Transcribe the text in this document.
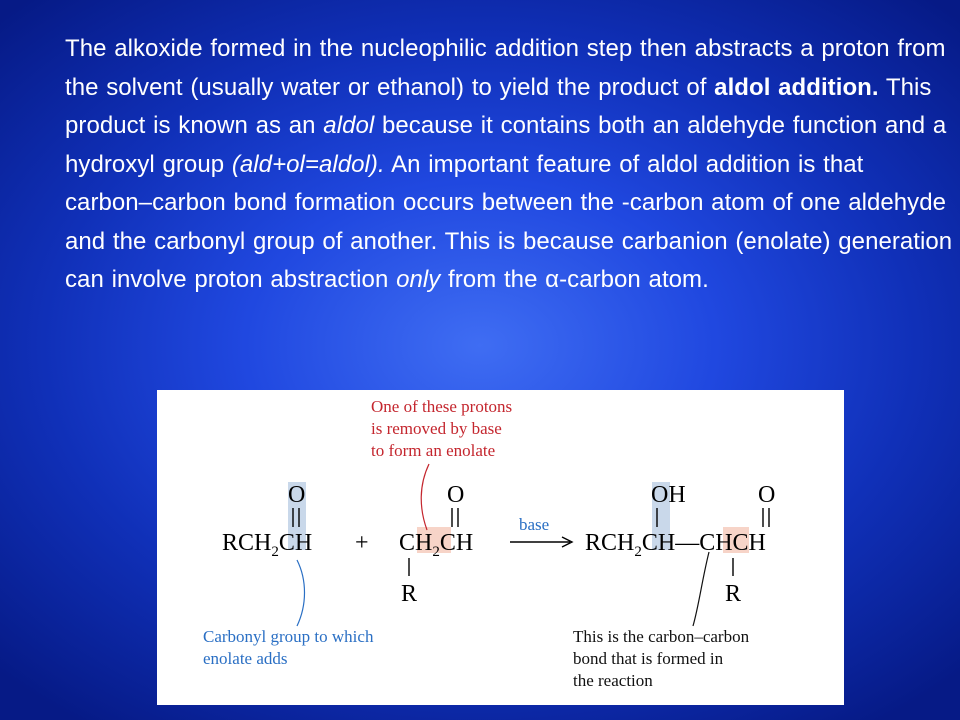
The alkoxide formed in the nucleophilic addition step then abstracts a proton from the solvent (usually water or ethanol) to yield the product of aldol addition. This product is known as an aldol because it contains both an aldehyde function and a hydroxyl group (ald+ol=aldol). An important feature of aldol addition is that carbon–carbon bond formation occurs between the -carbon atom of one aldehyde and the carbonyl group of another. This is because carbanion (enolate) generation can involve proton abstraction only from the α-carbon atom.
One of these protons is removed by base to form an enolate
O
$RCH_2CH$ +
O
$CH_2CH$
R
base
OH	O
$RCH_2CH—CHCH$
R
Carbonyl group to which enolate adds
This is the carbon–carbon bond that is formed in the reaction
